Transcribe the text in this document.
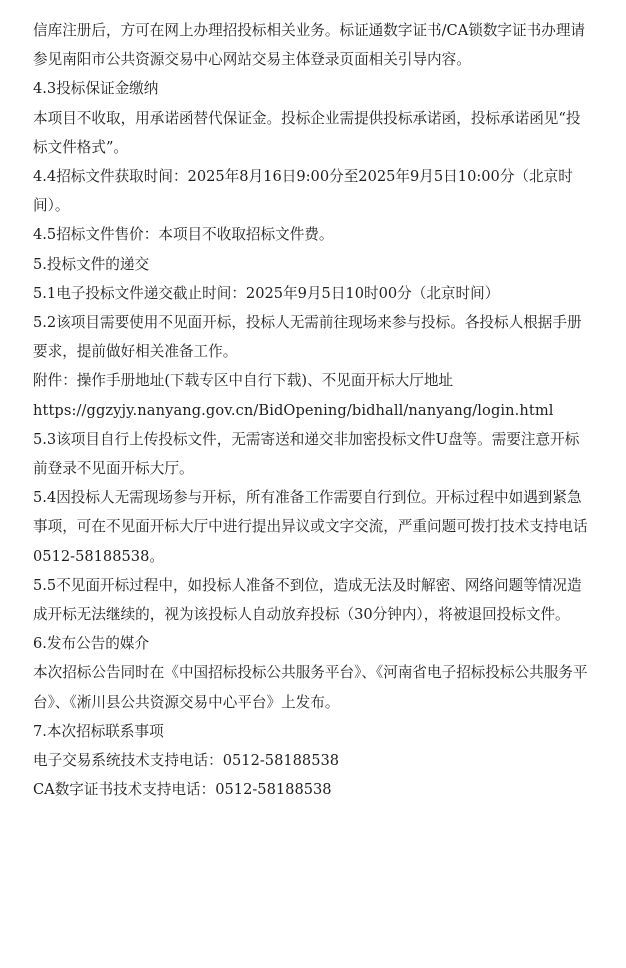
信库注册后，方可在网上办理招投标相关业务。标证通数字证书/CA锁数字证书办理请参见南阳市公共资源交易中心网站交易主体登录页面相关引导内容。

4.3投标保证金缴纳

本项目不收取，用承诺函替代保证金。投标企业需提供投标承诺函，投标承诺函见“投标文件格式”。

4.4招标文件获取时间：2025年8月16日9:00分至2025年9月5日10:00分（北京时间）。

4.5招标文件售价：本项目不收取招标文件费。

5.投标文件的递交

5.1电子投标文件递交截止时间：2025年9月5日10时00分（北京时间）

5.2该项目需要使用不见面开标，投标人无需前往现场来参与投标。各投标人根据手册要求，提前做好相关准备工作。

附件：操作手册地址(下载专区中自行下载)、不见面开标大厅地址

https://ggzyjy.nanyang.gov.cn/BidOpening/bidhall/nanyang/login.html

5.3该项目自行上传投标文件，无需寄送和递交非加密投标文件U盘等。需要注意开标前登录不见面开标大厅。

5.4因投标人无需现场参与开标，所有准备工作需要自行到位。开标过程中如遇到紧急事项，可在不见面开标大厅中进行提出异议或文字交流，严重问题可拨打技术支持电话0512-58188538。

5.5不见面开标过程中，如投标人准备不到位，造成无法及时解密、网络问题等情况造成开标无法继续的，视为该投标人自动放弃投标（30分钟内），将被退回投标文件。

6.发布公告的媒介

本次招标公告同时在《中国招标投标公共服务平台》、《河南省电子招标投标公共服务平台》、《淅川县公共资源交易中心平台》上发布。

7.本次招标联系事项

电子交易系统技术支持电话：0512-58188538

CA数字证书技术支持电话：0512-58188538
